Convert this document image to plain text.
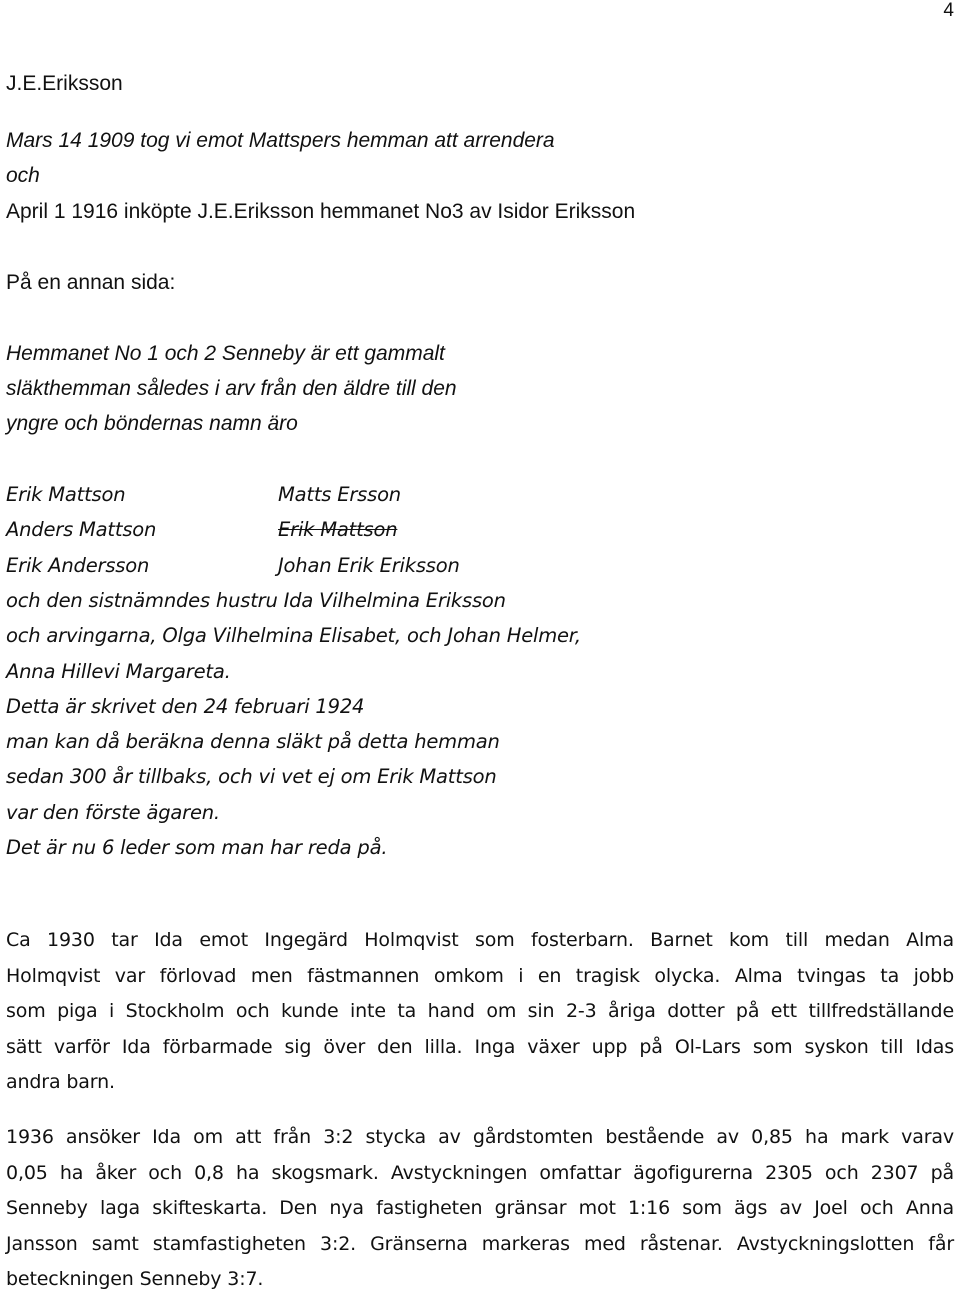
4
J.E.Eriksson
Mars 14 1909 tog vi emot Mattspers hemman att arrendera
och
April 1 1916 inköpte J.E.Eriksson hemmanet No3 av Isidor Eriksson
På en annan sida:
Hemmanet No 1 och 2 Senneby är ett gammalt
släkthemman således i arv från den äldre till den
yngre och böndernas namn äro
Erik Mattson	Matts Ersson
Anders Mattson	Erik Mattson
Erik Andersson	Johan Erik Eriksson
och den sistnämndes hustru Ida Vilhelmina Eriksson
och arvingarna, Olga Vilhelmina Elisabet, och Johan Helmer,
Anna Hillevi Margareta.
Detta är skrivet den 24 februari 1924
man kan då beräkna denna släkt på detta hemman
sedan 300 år tillbaks, och vi vet ej om Erik Mattson
var den förste ägaren.
Det är nu 6 leder som man har reda på.
Ca 1930 tar Ida emot Ingegärd Holmqvist som fosterbarn. Barnet kom till medan Alma
Holmqvist var förlovad men fästmannen omkom i en tragisk olycka. Alma tvingas ta jobb
som piga i Stockholm och kunde inte ta hand om sin 2-3 åriga dotter på ett tillfredställande
sätt varför Ida förbarmade sig över den lilla. Inga växer upp på Ol-Lars som syskon till Idas
andra barn.
1936 ansöker Ida om att från 3:2 stycka av gårdstomten bestående av 0,85 ha mark varav
0,05 ha åker och 0,8 ha skogsmark. Avstyckningen omfattar ägofigurerna 2305 och 2307 på
Senneby laga skifteskarta. Den nya fastigheten gränsar mot 1:16 som ägs av Joel och Anna
Jansson samt stamfastigheten 3:2. Gränserna markeras med råstenar. Avstyckningslotten får
beteckningen Senneby 3:7.
